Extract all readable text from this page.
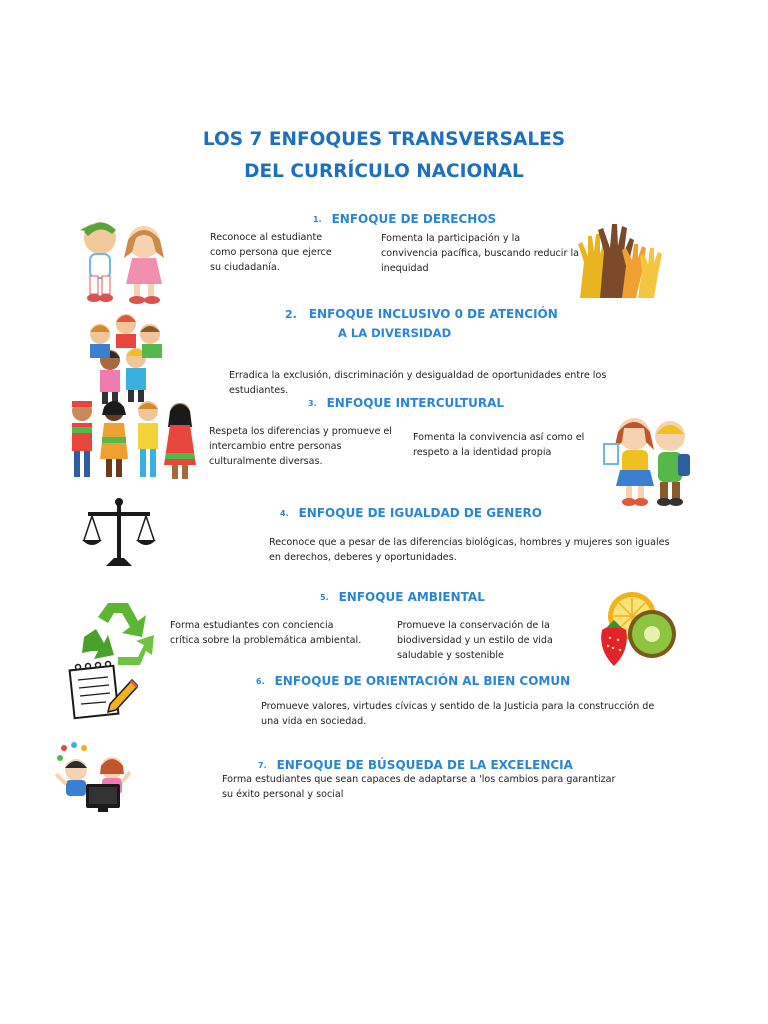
LOS 7 ENFOQUES TRANSVERSALES
DEL CURRÍCULO NACIONAL
1. ENFOQUE DE DERECHOS
Reconoce al estudiante
como persona que ejerce
su ciudadanía.
Fomenta la participación y la
convivencia pacífica, buscando reducir la
inequidad
2. ENFOQUE INCLUSIVO 0 DE ATENCIÓN
A LA DIVERSIDAD
Erradica la exclusión, discriminación y desigualdad de oportunidades entre los
estudiantes.
3. ENFOQUE INTERCULTURAL
Respeta los diferencias y promueve el
intercambio entre personas
culturalmente diversas.
Fomenta la convivencia así como el
respeto a la identidad propia
4. ENFOQUE DE IGUALDAD DE GENERO
Reconoce que a pesar de las diferencias biológicas, hombres y mujeres son iguales
en derechos, deberes y oportunidades.
5. ENFOQUE AMBIENTAL
Forma estudiantes con conciencia
crítica sobre la problemática ambiental.
Promueve la conservación de la
biodiversidad y un estilo de vida
saludable y sostenible
6. ENFOQUE DE ORIENTACIÓN AL BIEN COMUN
Promueve valores, virtudes cívicas y sentido de la Justicia para la construcción de
una vida en sociedad.
7. ENFOQUE DE BÚSQUEDA DE LA EXCELENCIA
Forma estudiantes que sean capaces de adaptarse a 'los cambios para garantizar
su éxito personal y social
